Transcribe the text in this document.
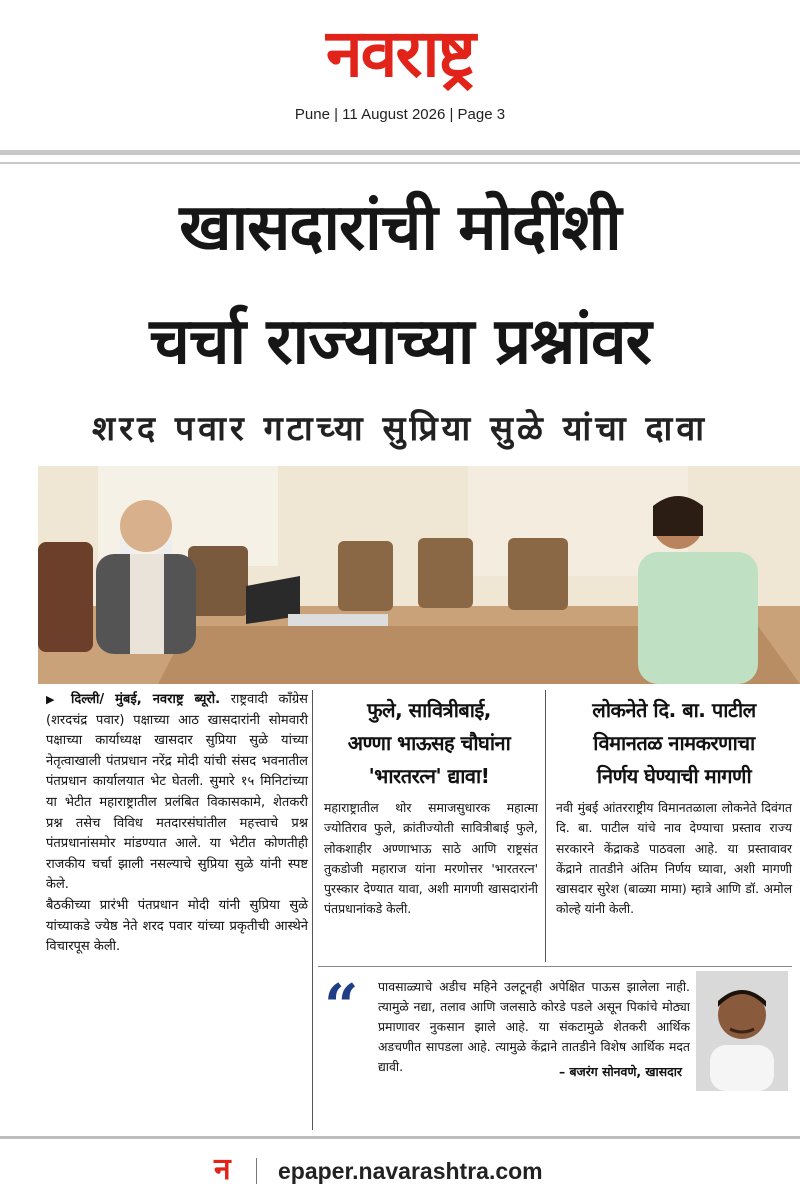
नवराष्ट्र
Pune | 11 August 2026 | Page 3
खासदारांची मोदींशी
चर्चा राज्याच्या प्रश्नांवर
शरद पवार गटाच्या सुप्रिया सुळे यांचा दावा

▶ दिल्ली/ मुंबई, नवराष्ट्र ब्यूरो. राष्ट्रवादी काँग्रेस (शरदचंद्र पवार) पक्षाच्या आठ खासदारांनी सोमवारी पक्षाच्या कार्याध्यक्ष खासदार सुप्रिया सुळे यांच्या नेतृत्वाखाली पंतप्रधान नरेंद्र मोदी यांची संसद भवनातील पंतप्रधान कार्यालयात भेट घेतली. सुमारे १५ मिनिटांच्या या भेटीत महाराष्ट्रातील प्रलंबित विकासकामे, शेतकरी प्रश्न तसेच विविध मतदारसंघांतील महत्त्वाचे प्रश्न पंतप्रधानांसमोर मांडण्यात आले. या भेटीत कोणतीही राजकीय चर्चा झाली नसल्याचे सुप्रिया सुळे यांनी स्पष्ट केले.

बैठकीच्या प्रारंभी पंतप्रधान मोदी यांनी सुप्रिया सुळे यांच्याकडे ज्येष्ठ नेते शरद पवार यांच्या प्रकृतीची आस्थेने विचारपूस केली.

फुले, सावित्रीबाई,
अण्णा भाऊसह चौघांना
'भारतरत्न' द्यावा!

महाराष्ट्रातील थोर समाजसुधारक महात्मा ज्योतिराव फुले, क्रांतीज्योती सावित्रीबाई फुले, लोकशाहीर अण्णाभाऊ साठे आणि राष्ट्रसंत तुकडोजी महाराज यांना मरणोत्तर 'भारतरत्न' पुरस्कार देण्यात यावा, अशी मागणी खासदारांनी पंतप्रधानांकडे केली.

लोकनेते दि. बा. पाटील
विमानतळ नामकरणाचा
निर्णय घेण्याची मागणी

नवी मुंबई आंतरराष्ट्रीय विमानतळाला लोकनेते दिवंगत दि. बा. पाटील यांचे नाव देण्याचा प्रस्ताव राज्य सरकारने केंद्राकडे पाठवला आहे. या प्रस्तावावर केंद्राने तातडीने अंतिम निर्णय घ्यावा, अशी मागणी खासदार सुरेश (बाळ्या मामा) म्हात्रे आणि डॉ. अमोल कोल्हे यांनी केली.

“ पावसाळ्याचे अडीच महिने उलटूनही अपेक्षित पाऊस झालेला नाही. त्यामुळे नद्या, तलाव आणि जलसाठे कोरडे पडले असून पिकांचे मोठ्या प्रमाणावर नुकसान झाले आहे. या संकटामुळे शेतकरी आर्थिक अडचणीत सापडला आहे. त्यामुळे केंद्राने तातडीने विशेष आर्थिक मदत द्यावी.	– बजरंग सोनवणे, खासदार
न epaper.navarashtra.com
